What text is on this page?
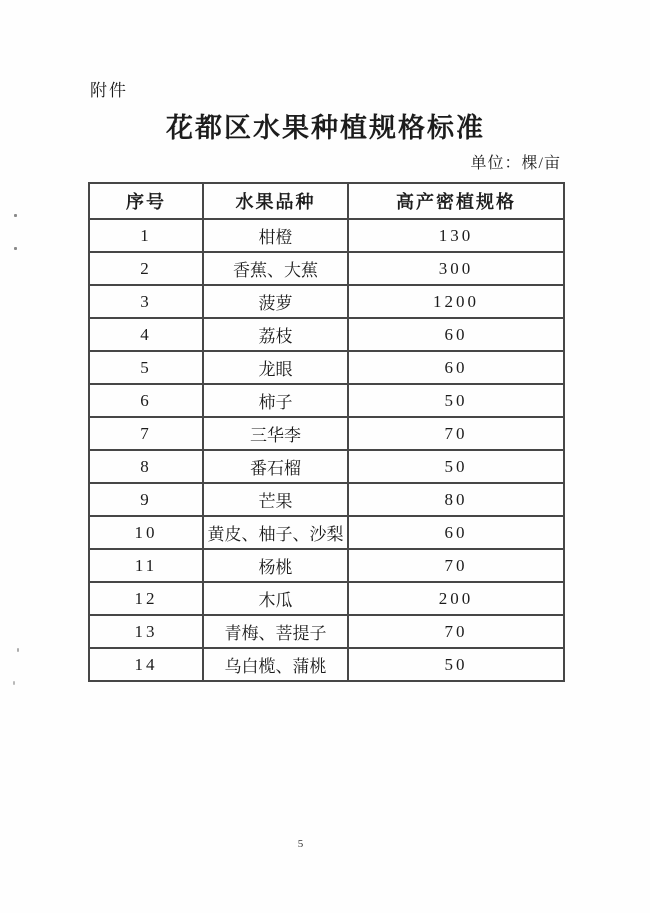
附件
花都区水果种植规格标准
单位：棵/亩
序号	水果品种	高产密植规格
1	柑橙	130
2	香蕉、大蕉	300
3	菠萝	1200
4	荔枝	60
5	龙眼	60
6	柿子	50
7	三华李	70
8	番石榴	50
9	芒果	80
10	黄皮、柚子、沙梨	60
11	杨桃	70
12	木瓜	200
13	青梅、菩提子	70
14	乌白榄、蒲桃	50
5
